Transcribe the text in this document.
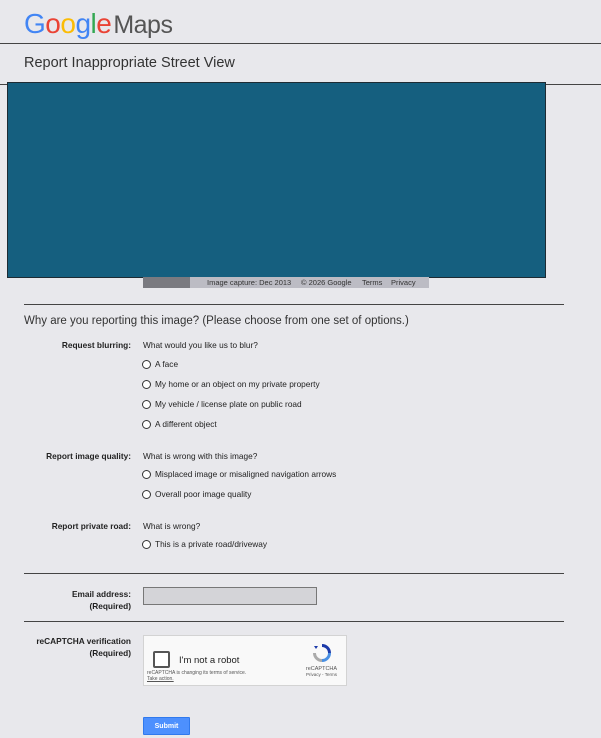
GoogleMaps
Report Inappropriate Street View
Image capture: Dec 2013 © 2026 Google Terms Privacy
Why are you reporting this image? (Please choose from one set of options.)
Request blurring: What would you like us to blur?
A face
My home or an object on my private property
My vehicle / license plate on public road
A different object
Report image quality: What is wrong with this image?
Misplaced image or misaligned navigation arrows
Overall poor image quality
Report private road: What is wrong?
This is a private road/driveway
Email address:
(Required)
reCAPTCHA verification
(Required)
I'm not a robot
reCAPTCHA is changing its terms of service.
Take action.
reCAPTCHA
Privacy - Terms
Submit
